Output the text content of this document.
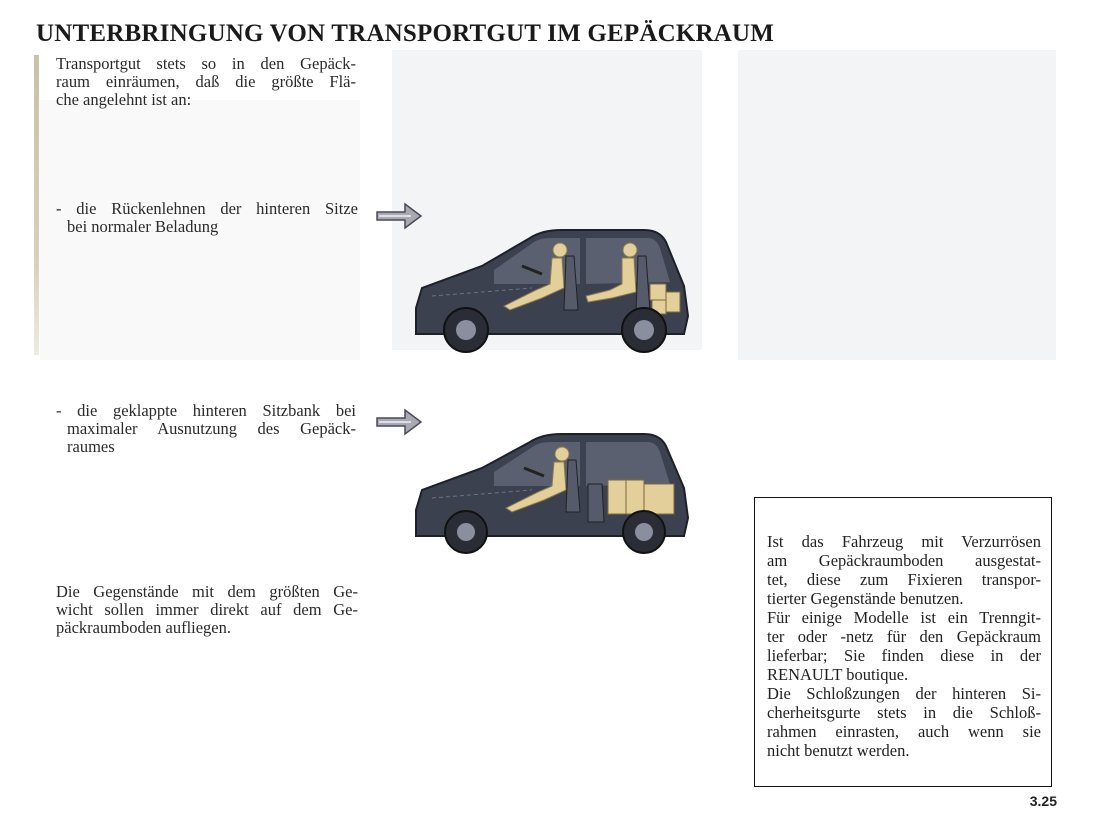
UNTERBRINGUNG VON TRANSPORTGUT IM GEPÄCKRAUM
Transportgut stets so in den Gepäck-
raum einräumen, daß die größte Flä-
che angelehnt ist an:
- die Rückenlehnen der hinteren Sitze
bei normaler Beladung
- die geklappte hinteren Sitzbank bei
maximaler Ausnutzung des Gepäck-
raumes
Die Gegenstände mit dem größten Ge-
wicht sollen immer direkt auf dem Ge-
päckraumboden aufliegen.

Ist das Fahrzeug mit Verzurrösen
am Gepäckraumboden ausgestat-
tet, diese zum Fixieren transpor-
tierter Gegenstände benutzen.
Für einige Modelle ist ein Trenngit-
ter oder -netz für den Gepäckraum
lieferbar; Sie finden diese in der
RENAULT boutique.
Die Schloßzungen der hinteren Si-
cherheitsgurte stets in die Schloß-
rahmen einrasten, auch wenn sie
nicht benutzt werden.

3.25
